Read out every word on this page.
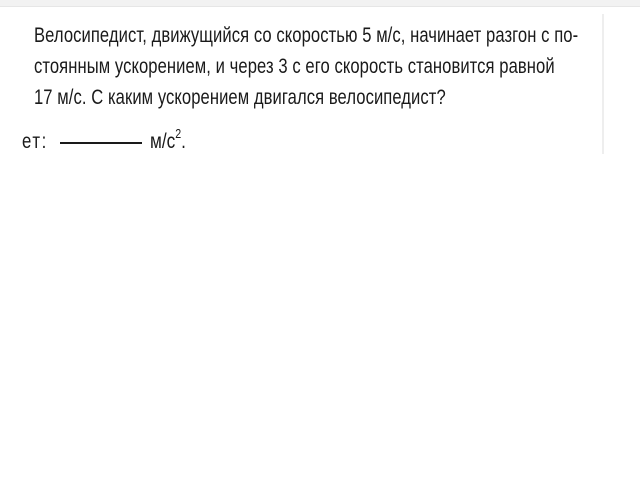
Велосипедист, движущийся со скоростью 5 м/с, начинает разгон с по-
стоянным ускорением, и через 3 с его скорость становится равной
17 м/с. С каким ускорением двигался велосипедист?
ет:	$м/с^2$.
